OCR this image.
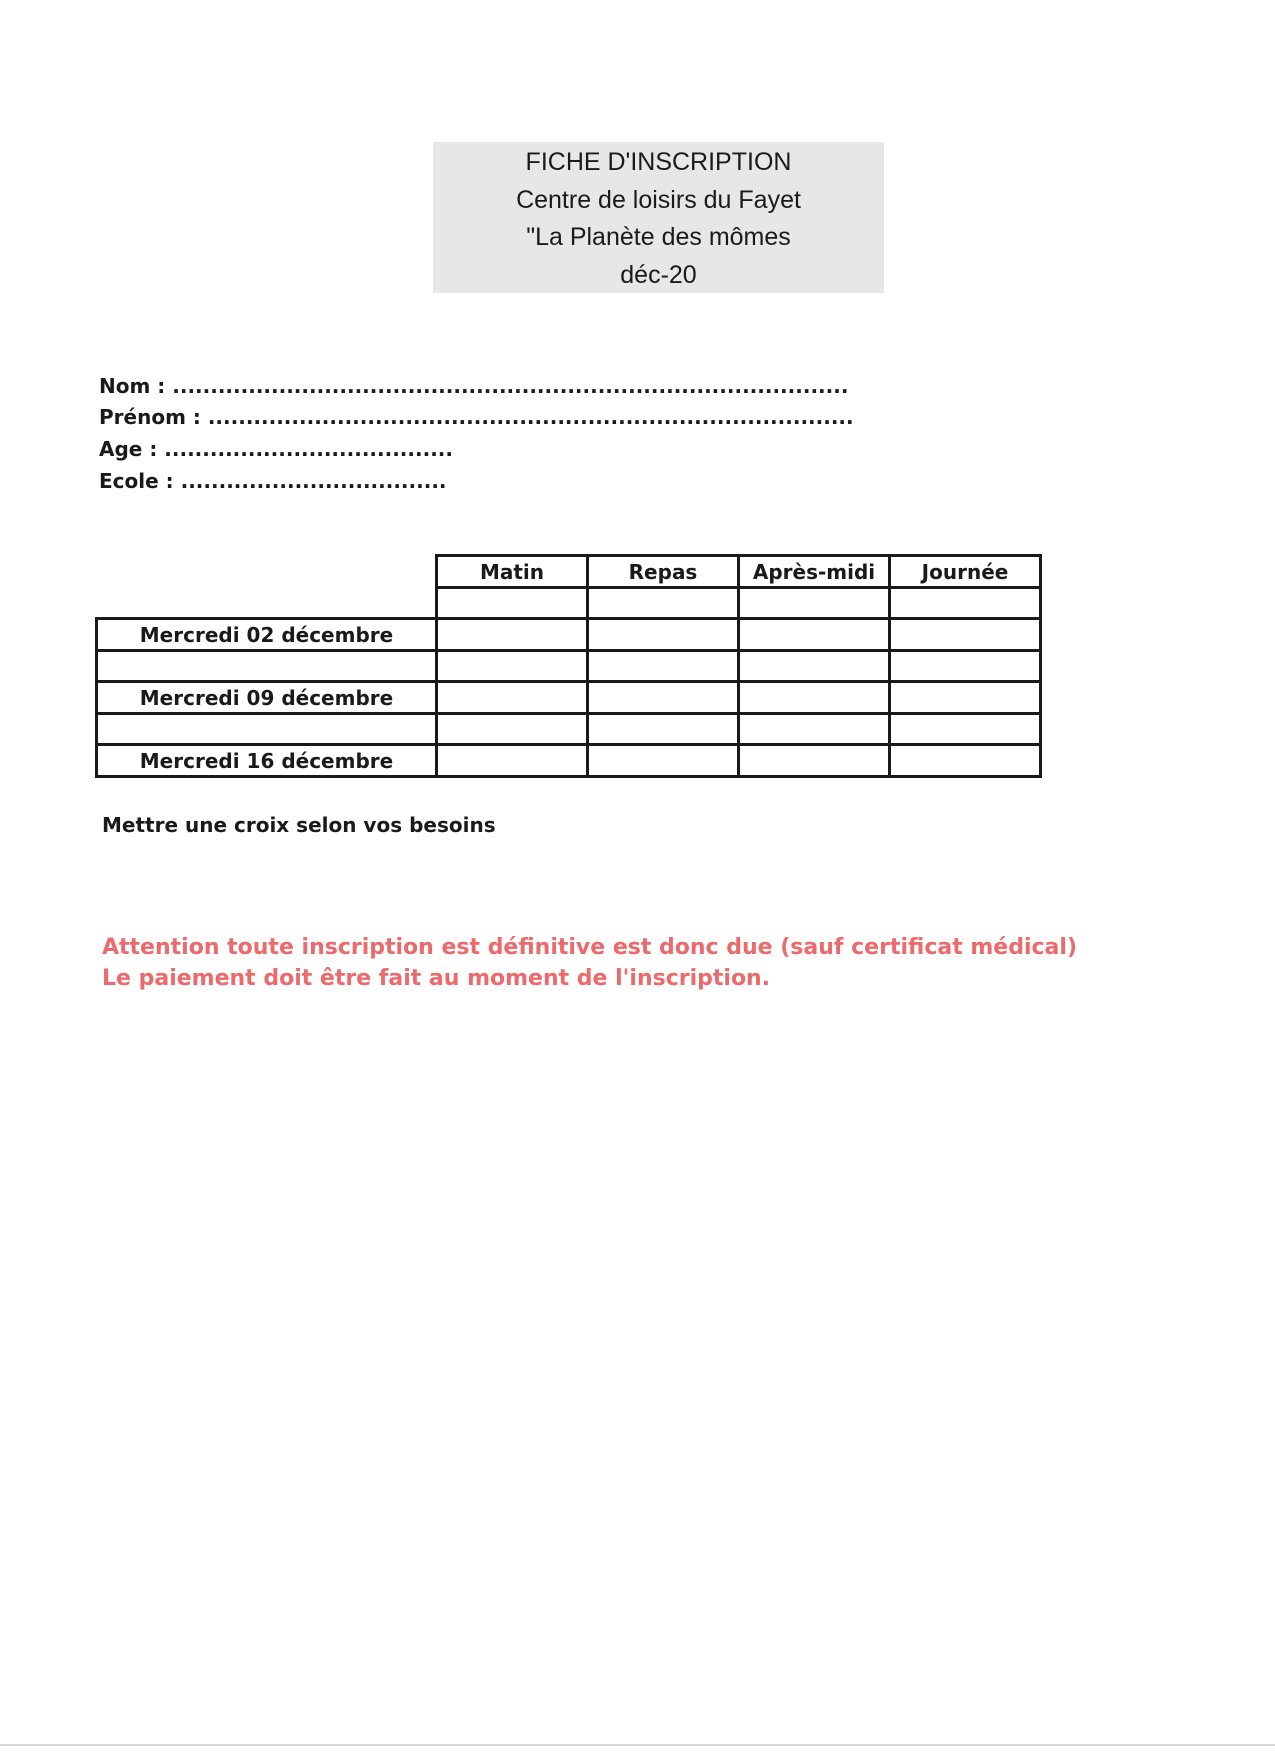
FICHE D'INSCRIPTION
Centre de loisirs du Fayet
"La Planète des mômes
déc-20
Nom : .........................................................................................
Prénom : .....................................................................................
Age : ......................................
Ecole : ...................................
	Matin	Repas	Après-midi	Journée

Mercredi 02 décembre				

Mercredi 09 décembre				

Mercredi 16 décembre				
Mettre une croix selon vos besoins
Attention toute inscription est définitive est donc due (sauf certificat médical)
Le paiement doit être fait au moment de l'inscription.
